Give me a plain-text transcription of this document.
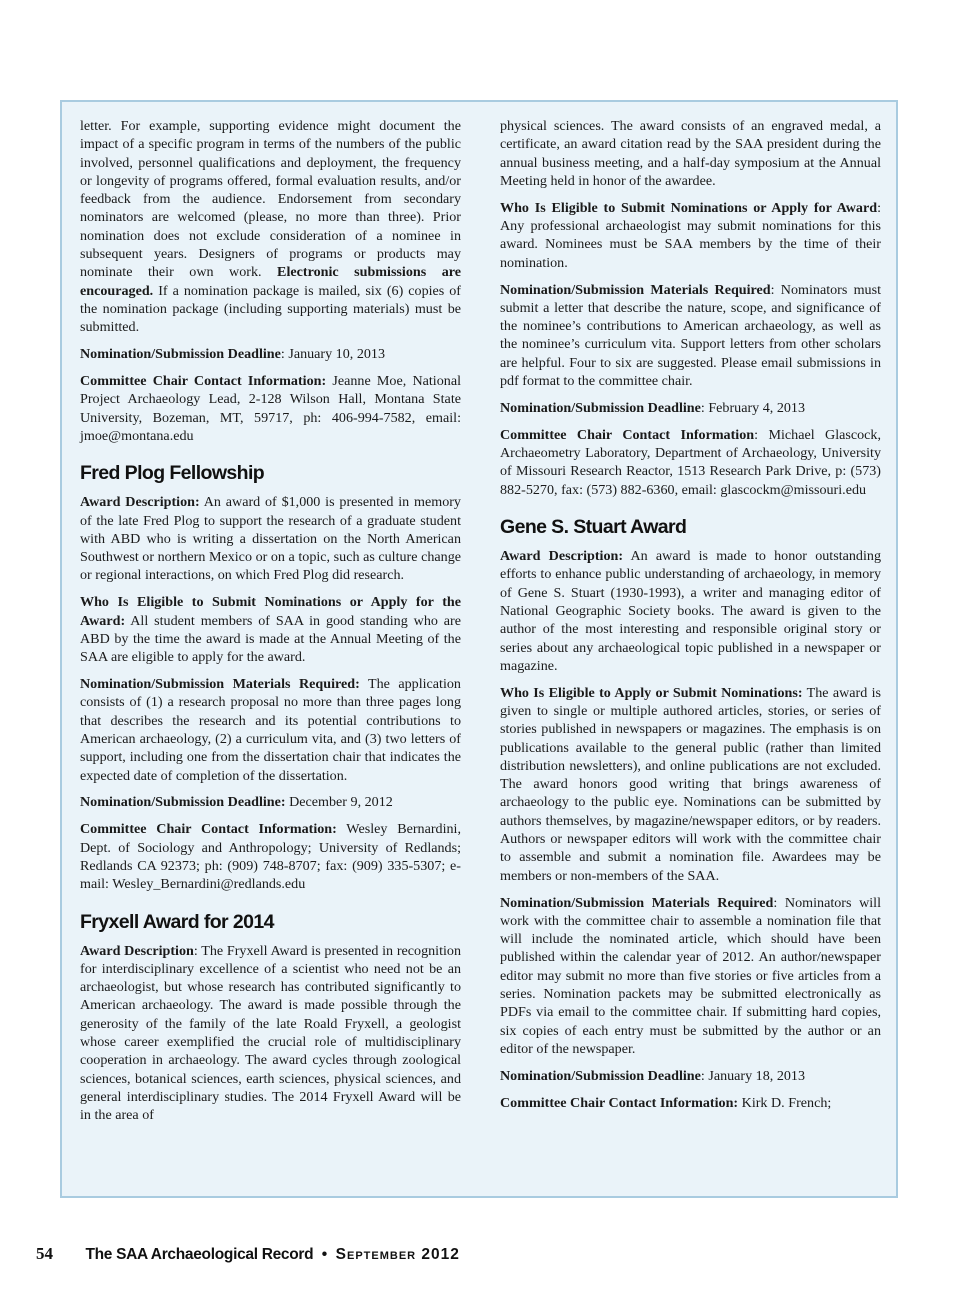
letter. For example, supporting evidence might document the impact of a specific program in terms of the numbers of the public involved, personnel qualifications and deployment, the frequency or longevity of programs offered, formal evaluation results, and/or feedback from the audience. Endorsement from secondary nominators are welcomed (please, no more than three). Prior nomination does not exclude consideration of a nominee in subsequent years. Designers of programs or products may nominate their own work. Electronic submissions are encouraged. If a nomination package is mailed, six (6) copies of the nomination package (including supporting materials) must be submitted.

Nomination/Submission Deadline: January 10, 2013

Committee Chair Contact Information: Jeanne Moe, National Project Archaeology Lead, 2-128 Wilson Hall, Montana State University, Bozeman, MT, 59717, ph: 406-994-7582, email: jmoe@montana.edu

Fred Plog Fellowship

Award Description: An award of $1,000 is presented in memory of the late Fred Plog to support the research of a graduate student with ABD who is writing a dissertation on the North American Southwest or northern Mexico or on a topic, such as culture change or regional interactions, on which Fred Plog did research.

Who Is Eligible to Submit Nominations or Apply for the Award: All student members of SAA in good standing who are ABD by the time the award is made at the Annual Meeting of the SAA are eligible to apply for the award.

Nomination/Submission Materials Required: The application consists of (1) a research proposal no more than three pages long that describes the research and its potential contributions to American archaeology, (2) a curriculum vita, and (3) two letters of support, including one from the dissertation chair that indicates the expected date of completion of the dissertation.

Nomination/Submission Deadline: December 9, 2012

Committee Chair Contact Information: Wesley Bernardini, Dept. of Sociology and Anthropology; University of Redlands; Redlands CA 92373; ph: (909) 748-8707; fax: (909) 335-5307; e-mail: Wesley_Bernardini@redlands.edu

Fryxell Award for 2014

Award Description: The Fryxell Award is presented in recognition for interdisciplinary excellence of a scientist who need not be an archaeologist, but whose research has contributed significantly to American archaeology. The award is made possible through the generosity of the family of the late Roald Fryxell, a geologist whose career exemplified the crucial role of multidisciplinary cooperation in archaeology. The award cycles through zoological sciences, botanical sciences, earth sciences, physical sciences, and general interdisciplinary studies. The 2014 Fryxell Award will be in the area of

physical sciences. The award consists of an engraved medal, a certificate, an award citation read by the SAA president during the annual business meeting, and a half-day symposium at the Annual Meeting held in honor of the awardee.

Who Is Eligible to Submit Nominations or Apply for Award: Any professional archaeologist may submit nominations for this award. Nominees must be SAA members by the time of their nomination.

Nomination/Submission Materials Required: Nominators must submit a letter that describe the nature, scope, and significance of the nominee’s contributions to American archaeology, as well as the nominee’s curriculum vita. Support letters from other scholars are helpful. Four to six are suggested. Please email submissions in pdf format to the committee chair.

Nomination/Submission Deadline: February 4, 2013

Committee Chair Contact Information: Michael Glascock, Archaeometry Laboratory, Department of Archaeology, University of Missouri Research Reactor, 1513 Research Park Drive, p: (573) 882-5270, fax: (573) 882-6360, email: glascockm@missouri.edu

Gene S. Stuart Award

Award Description: An award is made to honor outstanding efforts to enhance public understanding of archaeology, in memory of Gene S. Stuart (1930-1993), a writer and managing editor of National Geographic Society books. The award is given to the author of the most interesting and responsible original story or series about any archaeological topic published in a newspaper or magazine.

Who Is Eligible to Apply or Submit Nominations: The award is given to single or multiple authored articles, stories, or series of stories published in newspapers or magazines. The emphasis is on publications available to the general public (rather than limited distribution newsletters), and online publications are not excluded. The award honors good writing that brings awareness of archaeology to the public eye. Nominations can be submitted by authors themselves, by magazine/newspaper editors, or by readers. Authors or newspaper editors will work with the committee chair to assemble and submit a nomination file. Awardees may be members or non-members of the SAA.

Nomination/Submission Materials Required: Nominators will work with the committee chair to assemble a nomination file that will include the nominated article, which should have been published within the calendar year of 2012. An author/newspaper editor may submit no more than five stories or five articles from a series. Nomination packets may be submitted electronically as PDFs via email to the committee chair. If submitting hard copies, six copies of each entry must be submitted by the author or an editor of the newspaper.

Nomination/Submission Deadline: January 18, 2013

Committee Chair Contact Information: Kirk D. French;

54 The SAA Archaeological Record • September 2012
